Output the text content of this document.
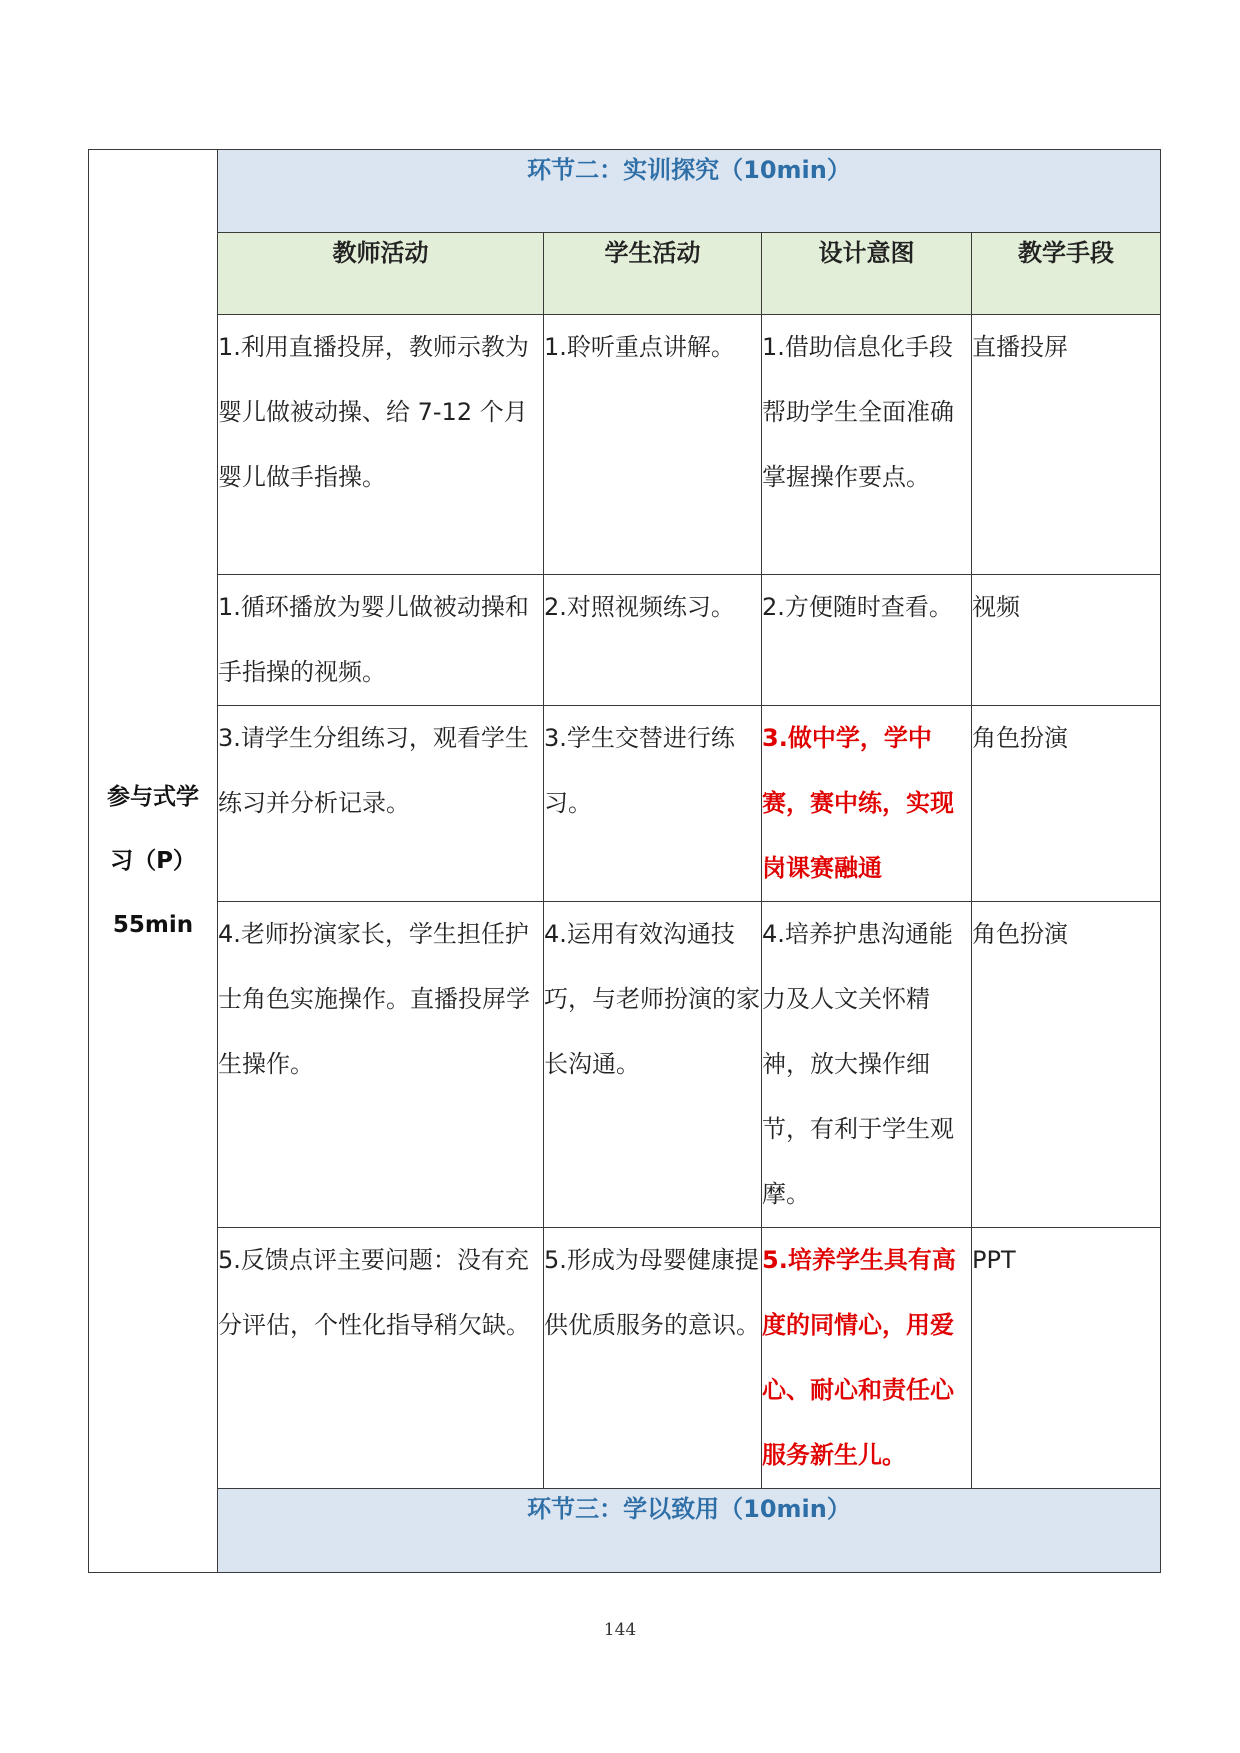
参与式学
习（P）
55min	环节二：实训探究（10min）			
	教师活动	学生活动	设计意图	教学手段
	1.利用直播投屏，教师示教为婴儿做被动操、给 7-12 个月婴儿做手指操。	1.聆听重点讲解。	1.借助信息化手段帮助学生全面准确掌握操作要点。	直播投屏
	1.循环播放为婴儿做被动操和手指操的视频。	2.对照视频练习。	2.方便随时查看。	视频
	3.请学生分组练习，观看学生练习并分析记录。	3.学生交替进行练习。	3.做中学，学中赛，赛中练，实现岗课赛融通	角色扮演
	4.老师扮演家长，学生担任护士角色实施操作。直播投屏学生操作。	4.运用有效沟通技巧，与老师扮演的家长沟通。	4.培养护患沟通能力及人文关怀精神，放大操作细节，有利于学生观摩。	角色扮演
	5.反馈点评主要问题：没有充分评估，个性化指导稍欠缺。	5.形成为母婴健康提供优质服务的意识。	5.培养学生具有高度的同情心，用爱心、耐心和责任心服务新生儿。	PPT
	环节三：学以致用（10min）			
144
